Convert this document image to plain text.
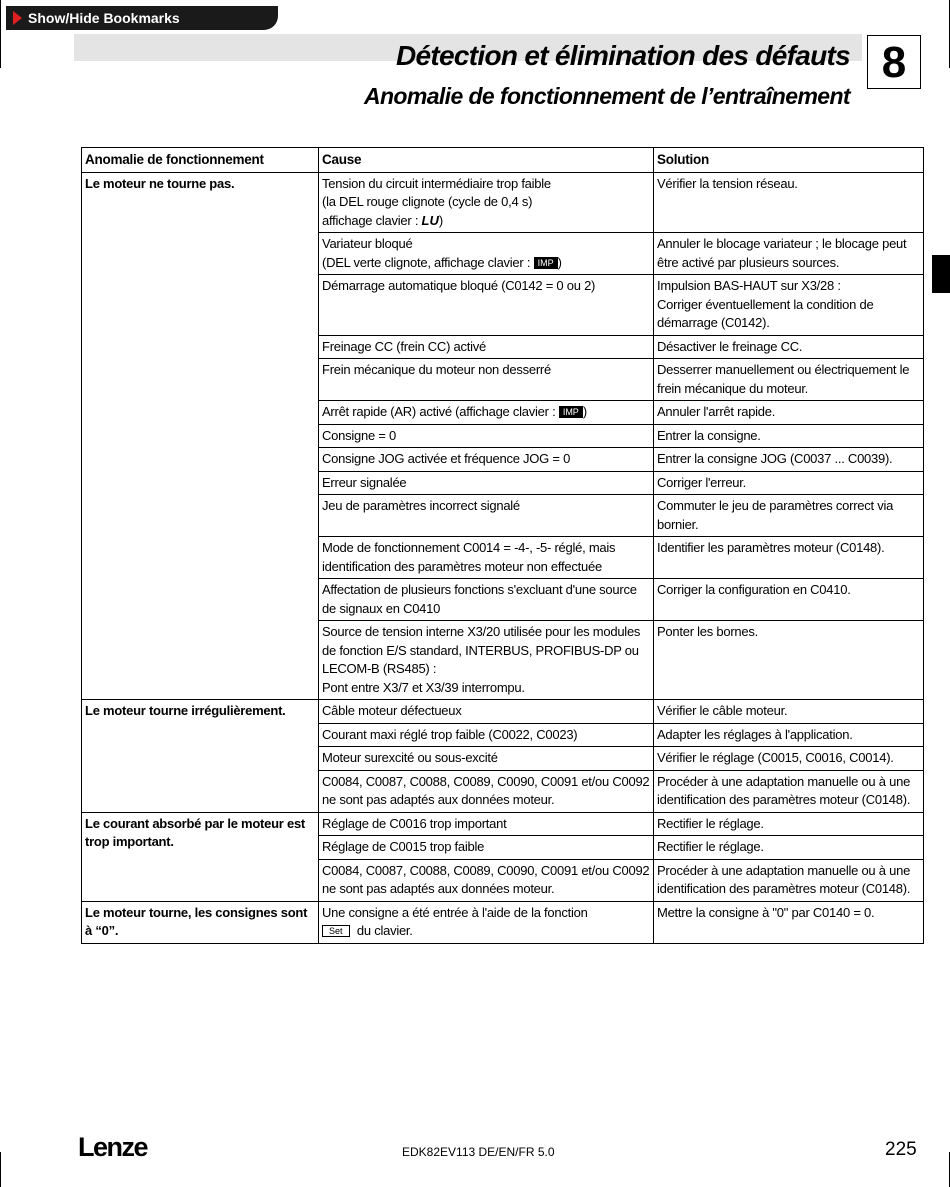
Show/Hide Bookmarks
Détection et élimination des défauts
Anomalie de fonctionnement de l’entraînement
8
Anomalie de fonctionnement	Cause	Solution
Le moteur ne tourne pas.	Tension du circuit intermédiaire trop faible
(la DEL rouge clignote (cycle de 0,4 s)
affichage clavier : LU)	Vérifier la tension réseau.
	Variateur bloqué
(DEL verte clignote, affichage clavier : IMP )	Annuler le blocage variateur ; le blocage peut être activé par plusieurs sources.
	Démarrage automatique bloqué (C0142 = 0 ou 2)	Impulsion BAS-HAUT sur X3/28 :
Corriger éventuellement la condition de démarrage (C0142).
	Freinage CC (frein CC) activé	Désactiver le freinage CC.
	Frein mécanique du moteur non desserré	Desserrer manuellement ou électriquement le frein mécanique du moteur.
	Arrêt rapide (AR) activé (affichage clavier : IMP )	Annuler l'arrêt rapide.
	Consigne = 0	Entrer la consigne.
	Consigne JOG activée et fréquence JOG = 0	Entrer la consigne JOG (C0037 ... C0039).
	Erreur signalée	Corriger l'erreur.
	Jeu de paramètres incorrect signalé	Commuter le jeu de paramètres correct via bornier.
	Mode de fonctionnement C0014 = -4-, -5- réglé, mais identification des paramètres moteur non effectuée	Identifier les paramètres moteur (C0148).
	Affectation de plusieurs fonctions s'excluant d'une source de signaux en C0410	Corriger la configuration en C0410.
	Source de tension interne X3/20 utilisée pour les modules de fonction E/S standard, INTERBUS, PROFIBUS-DP ou LECOM-B (RS485) :
Pont entre X3/7 et X3/39 interrompu.	Ponter les bornes.
Le moteur tourne irrégulièrement.	Câble moteur défectueux	Vérifier le câble moteur.
	Courant maxi réglé trop faible (C0022, C0023)	Adapter les réglages à l'application.
	Moteur surexcité ou sous-excité	Vérifier le réglage (C0015, C0016, C0014).
	C0084, C0087, C0088, C0089, C0090, C0091 et/ou C0092 ne sont pas adaptés aux données moteur.	Procéder à une adaptation manuelle ou à une identification des paramètres moteur (C0148).
Le courant absorbé par le moteur est trop important.	Réglage de C0016 trop important	Rectifier le réglage.
	Réglage de C0015 trop faible	Rectifier le réglage.
	C0084, C0087, C0088, C0089, C0090, C0091 et/ou C0092 ne sont pas adaptés aux données moteur.	Procéder à une adaptation manuelle ou à une identification des paramètres moteur (C0148).
Le moteur tourne, les consignes sont à “0”.	Une consigne a été entrée à l'aide de la fonction
Set du clavier.	Mettre la consigne à "0" par C0140 = 0.
Lenze	EDK82EV113 DE/EN/FR 5.0	225
